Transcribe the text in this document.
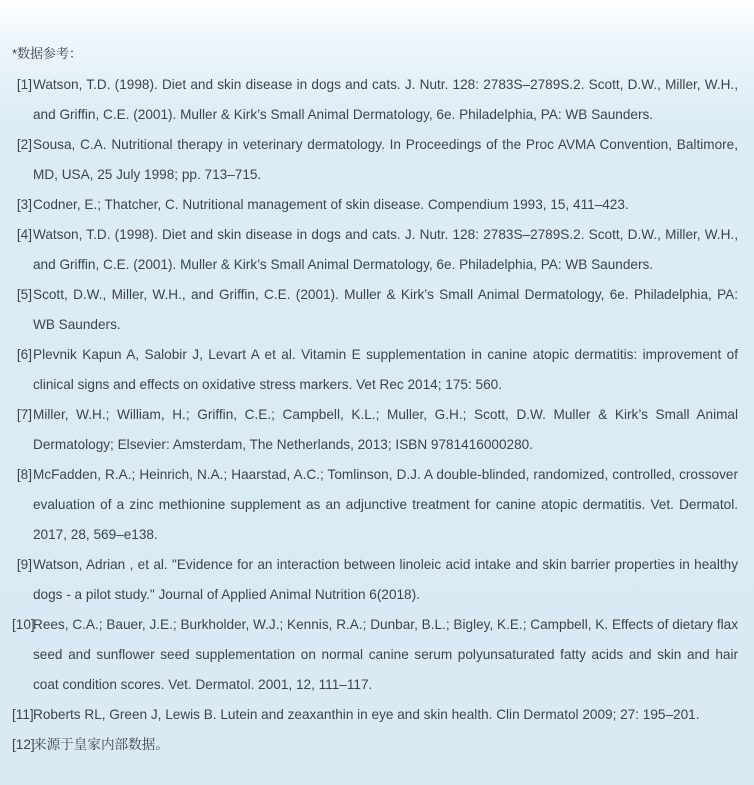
*数据参考：
[1] Watson, T.D. (1998). Diet and skin disease in dogs and cats. J. Nutr. 128: 2783S–2789S.2. Scott, D.W., Miller, W.H., and Griffin, C.E. (2001). Muller & Kirk’s Small Animal Dermatology, 6e. Philadelphia, PA: WB Saunders.
[2] Sousa, C.A. Nutritional therapy in veterinary dermatology. In Proceedings of the Proc AVMA Convention, Baltimore, MD, USA, 25 July 1998; pp. 713–715.
[3] Codner, E.; Thatcher, C. Nutritional management of skin disease. Compendium 1993, 15, 411–423.
[4] Watson, T.D. (1998). Diet and skin disease in dogs and cats. J. Nutr. 128: 2783S–2789S.2. Scott, D.W., Miller, W.H., and Griffin, C.E. (2001). Muller & Kirk’s Small Animal Dermatology, 6e. Philadelphia, PA: WB Saunders.
[5] Scott, D.W., Miller, W.H., and Griffin, C.E. (2001). Muller & Kirk’s Small Animal Dermatology, 6e. Philadelphia, PA: WB Saunders.
[6] Plevnik Kapun A, Salobir J, Levart A et al. Vitamin E supplementation in canine atopic dermatitis: improvement of clinical signs and effects on oxidative stress markers. Vet Rec 2014; 175: 560.
[7] Miller, W.H.; William, H.; Griffin, C.E.; Campbell, K.L.; Muller, G.H.; Scott, D.W. Muller & Kirk’s Small Animal Dermatology; Elsevier: Amsterdam, The Netherlands, 2013; ISBN 9781416000280.
[8] McFadden, R.A.; Heinrich, N.A.; Haarstad, A.C.; Tomlinson, D.J. A double-blinded, randomized, controlled, crossover evaluation of a zinc methionine supplement as an adjunctive treatment for canine atopic dermatitis. Vet. Dermatol. 2017, 28, 569–e138.
[9] Watson, Adrian , et al. "Evidence for an interaction between linoleic acid intake and skin barrier properties in healthy dogs - a pilot study." Journal of Applied Animal Nutrition 6(2018).
[10]
Rees, C.A.; Bauer, J.E.; Burkholder, W.J.; Kennis, R.A.; Dunbar, B.L.; Bigley, K.E.; Campbell, K. Effects of dietary flax seed and sunflower seed supplementation on normal canine serum polyunsaturated fatty acids and skin and hair coat condition scores. Vet. Dermatol. 2001, 12, 111–117.
[11] Roberts RL, Green J, Lewis B. Lutein and zeaxanthin in eye and skin health. Clin Dermatol 2009; 27: 195–201.
[12]
来源于皇家内部数据。
